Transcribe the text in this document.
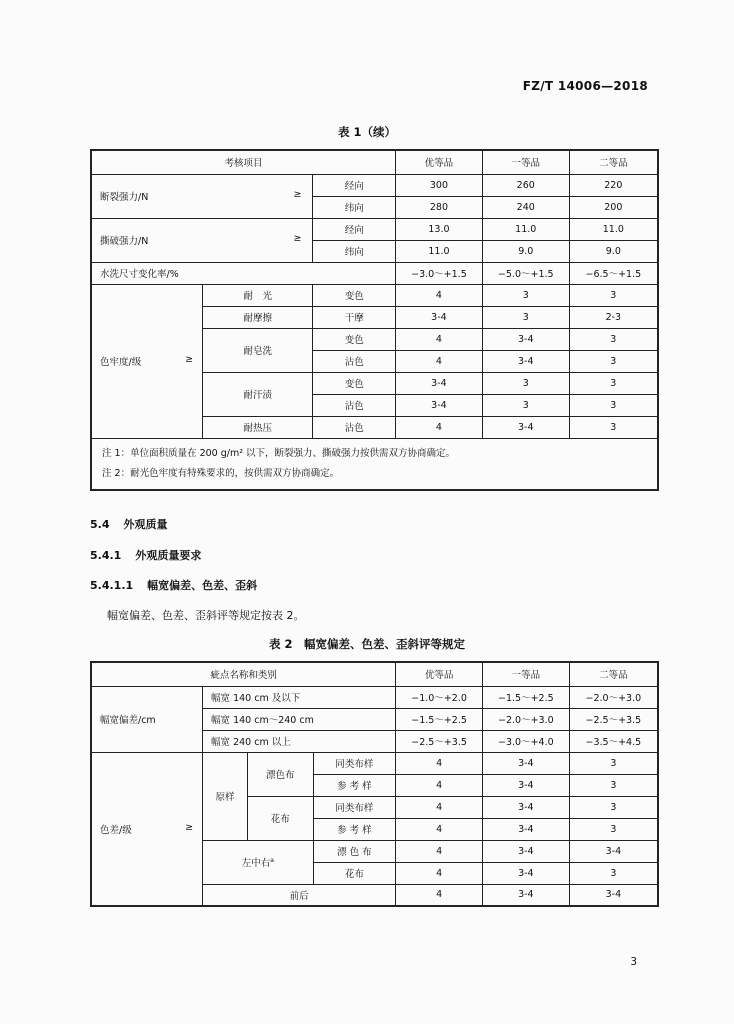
FZ/T 14006—2018
表 1（续）
考核项目			优等品	一等品	二等品
断裂强力/N ≥		经向	300	260	220
		纬向	280	240	200
撕破强力/N ≥		经向	13.0	11.0	11.0
		纬向	11.0	9.0	9.0
水洗尺寸变化率/%			−3.0～+1.5	−5.0～+1.5	−6.5～+1.5
色牢度/级 ≥	耐　光	变色	4	3	3
	耐摩擦	干摩	3-4	3	2-3
	耐皂洗	变色	4	3-4	3
		沾色	4	3-4	3
	耐汗渍	变色	3-4	3	3
		沾色	3-4	3	3
	耐热压	沾色	4	3-4	3

注 1：单位面积质量在 200 g/m² 以下，断裂强力、撕破强力按供需双方协商确定。
注 2：耐光色牢度有特殊要求的，按供需双方协商确定。					
5.4 外观质量
5.4.1 外观质量要求
5.4.1.1 幅宽偏差、色差、歪斜
幅宽偏差、色差、歪斜评等规定按表 2。
表 2　幅宽偏差、色差、歪斜评等规定
疵点名称和类别				优等品	一等品	二等品
幅宽偏差/cm	幅宽 140 cm 及以下			−1.0～+2.0	−1.5～+2.5	−2.0～+3.0
	幅宽 140 cm～240 cm			−1.5～+2.5	−2.0～+3.0	−2.5～+3.5
	幅宽 240 cm 以上			−2.5～+3.5	−3.0～+4.0	−3.5～+4.5
色差/级 ≥	原样	漂色布	同类布样	4	3-4	3
			参 考 样	4	3-4	3
		花布	同类布样	4	3-4	3
			参 考 样	4	3-4	3
	左中右$^a$		漂 色 布	4	3-4	3-4
			花布	4	3-4	3
	前后			4	3-4	3-4
3
